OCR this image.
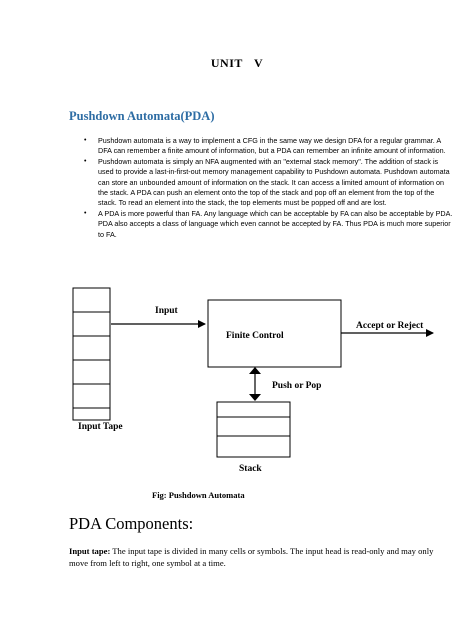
UNIT V
Pushdown Automata(PDA)
• Pushdown automata is a way to implement a CFG in the same way we design DFA for a regular grammar. A DFA can remember a finite amount of information, but a PDA can remember an infinite amount of information.
• Pushdown automata is simply an NFA augmented with an "external stack memory". The addition of stack is used to provide a last-in-first-out memory management capability to Pushdown automata. Pushdown automata can store an unbounded amount of information on the stack. It can access a limited amount of information on the stack. A PDA can push an element onto the top of the stack and pop off an element from the top of the stack. To read an element into the stack, the top elements must be popped off and are lost.
• A PDA is more powerful than FA. Any language which can be acceptable by FA can also be acceptable by PDA. PDA also accepts a class of language which even cannot be accepted by FA. Thus PDA is much more superior to FA.
Input
Finite Control
Accept or Reject
Push or Pop
Input Tape
Stack
Fig: Pushdown Automata
PDA Components:

Input tape: The input tape is divided in many cells or symbols. The input head is read-only and may only move from left to right, one symbol at a time.
